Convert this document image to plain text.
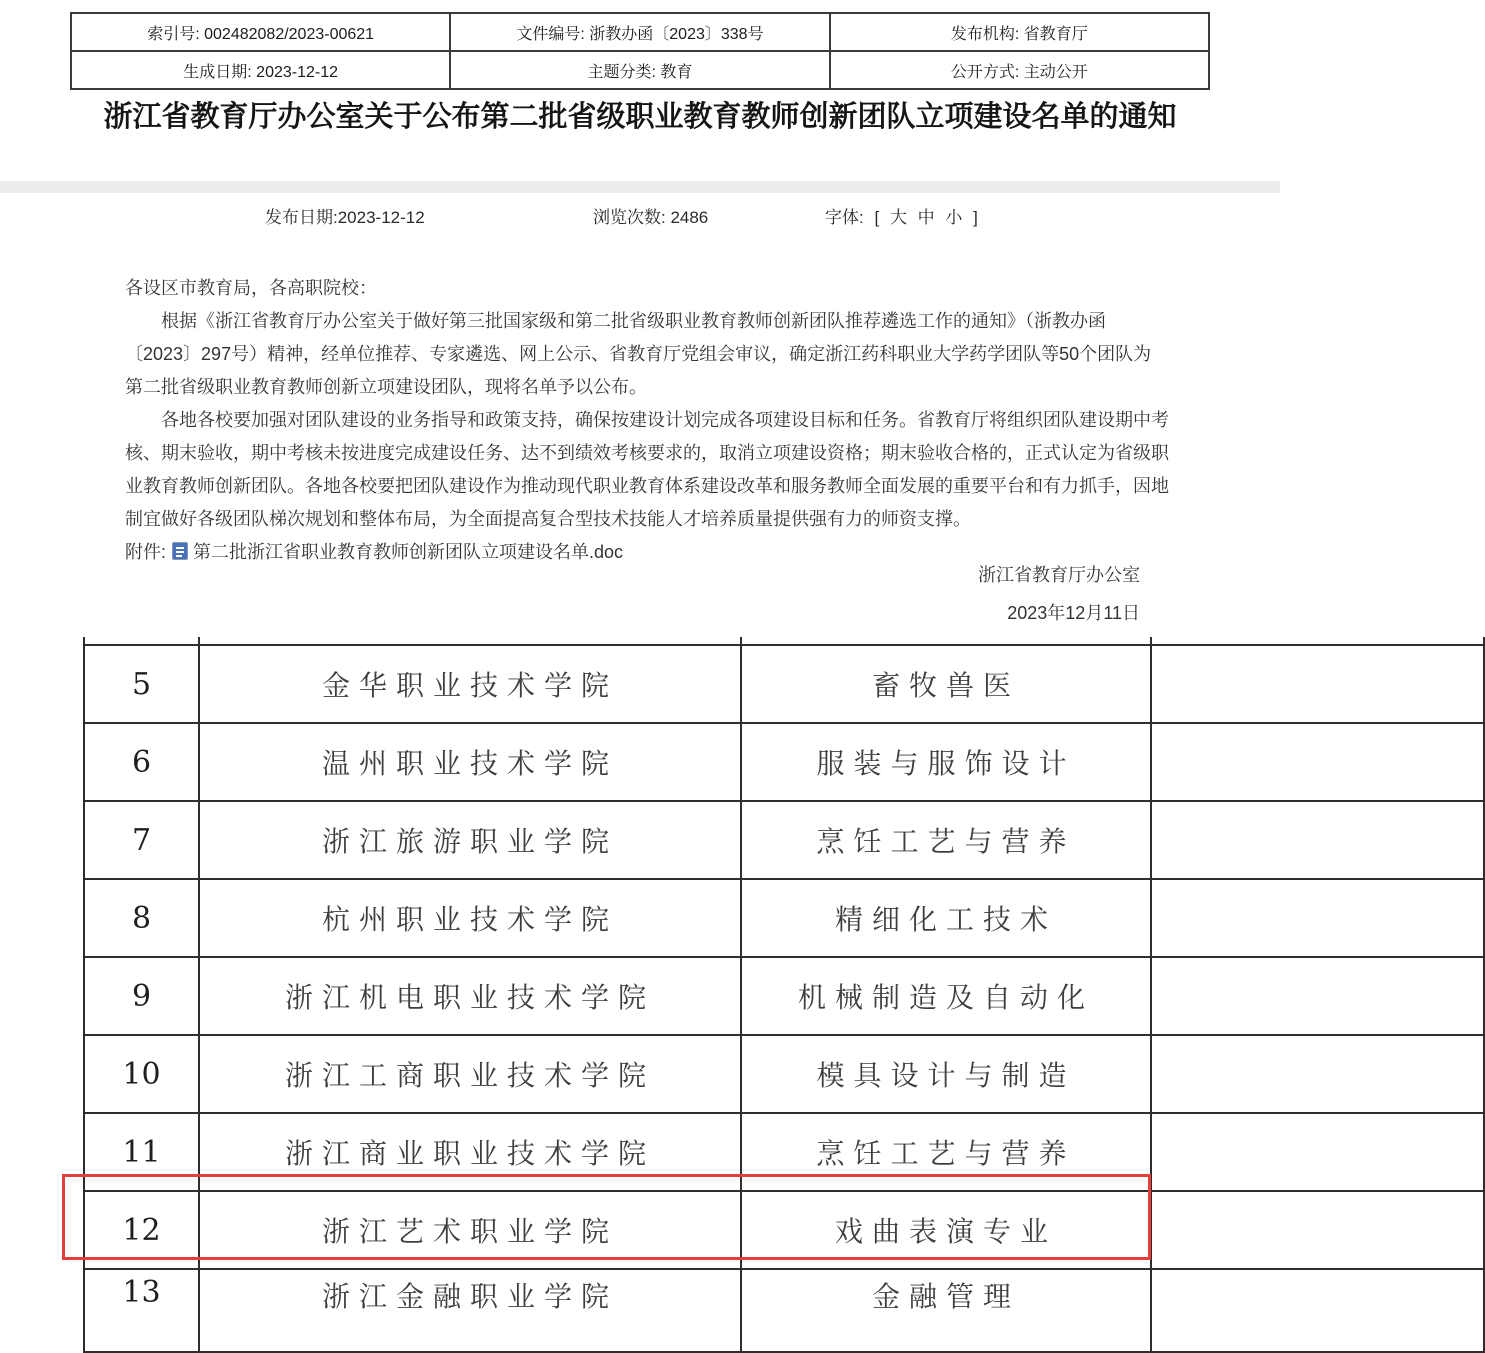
索引号: 002482082/2023-00621	文件编号: 浙教办函〔2023〕338号	发布机构: 省教育厅
生成日期: 2023-12-12	主题分类: 教育	公开方式: 主动公开
浙江省教育厅办公室关于公布第二批省级职业教育教师创新团队立项建设名单的通知
发布日期:2023-12-12	浏览次数: 2486	字体: [ 大 中 小 ]

各设区市教育局，各高职院校：

根据《浙江省教育厅办公室关于做好第三批国家级和第二批省级职业教育教师创新团队推荐遴选工作的通知》（浙教办函〔2023〕297号）精神，经单位推荐、专家遴选、网上公示、省教育厅党组会审议，确定浙江药科职业大学药学团队等50个团队为第二批省级职业教育教师创新立项建设团队，现将名单予以公布。

各地各校要加强对团队建设的业务指导和政策支持，确保按建设计划完成各项建设目标和任务。省教育厅将组织团队建设期中考核、期末验收，期中考核未按进度完成建设任务、达不到绩效考核要求的，取消立项建设资格；期末验收合格的，正式认定为省级职业教育教师创新团队。各地各校要把团队建设作为推动现代职业教育体系建设改革和服务教师全面发展的重要平台和有力抓手，因地制宜做好各级团队梯次规划和整体布局，为全面提高复合型技术技能人才培养质量提供强有力的师资支撑。

附件: 第二批浙江省职业教育教师创新团队立项建设名单.doc

浙江省教育厅办公室
2023年12月11日

5	金华职业技术学院	畜牧兽医	
6	温州职业技术学院	服装与服饰设计	
7	浙江旅游职业学院	烹饪工艺与营养	
8	杭州职业技术学院	精细化工技术	
9	浙江机电职业技术学院	机械制造及自动化	
10	浙江工商职业技术学院	模具设计与制造	
11	浙江商业职业技术学院	烹饪工艺与营养	
12	浙江艺术职业学院	戏曲表演专业	
13	浙江金融职业学院	金融管理	
